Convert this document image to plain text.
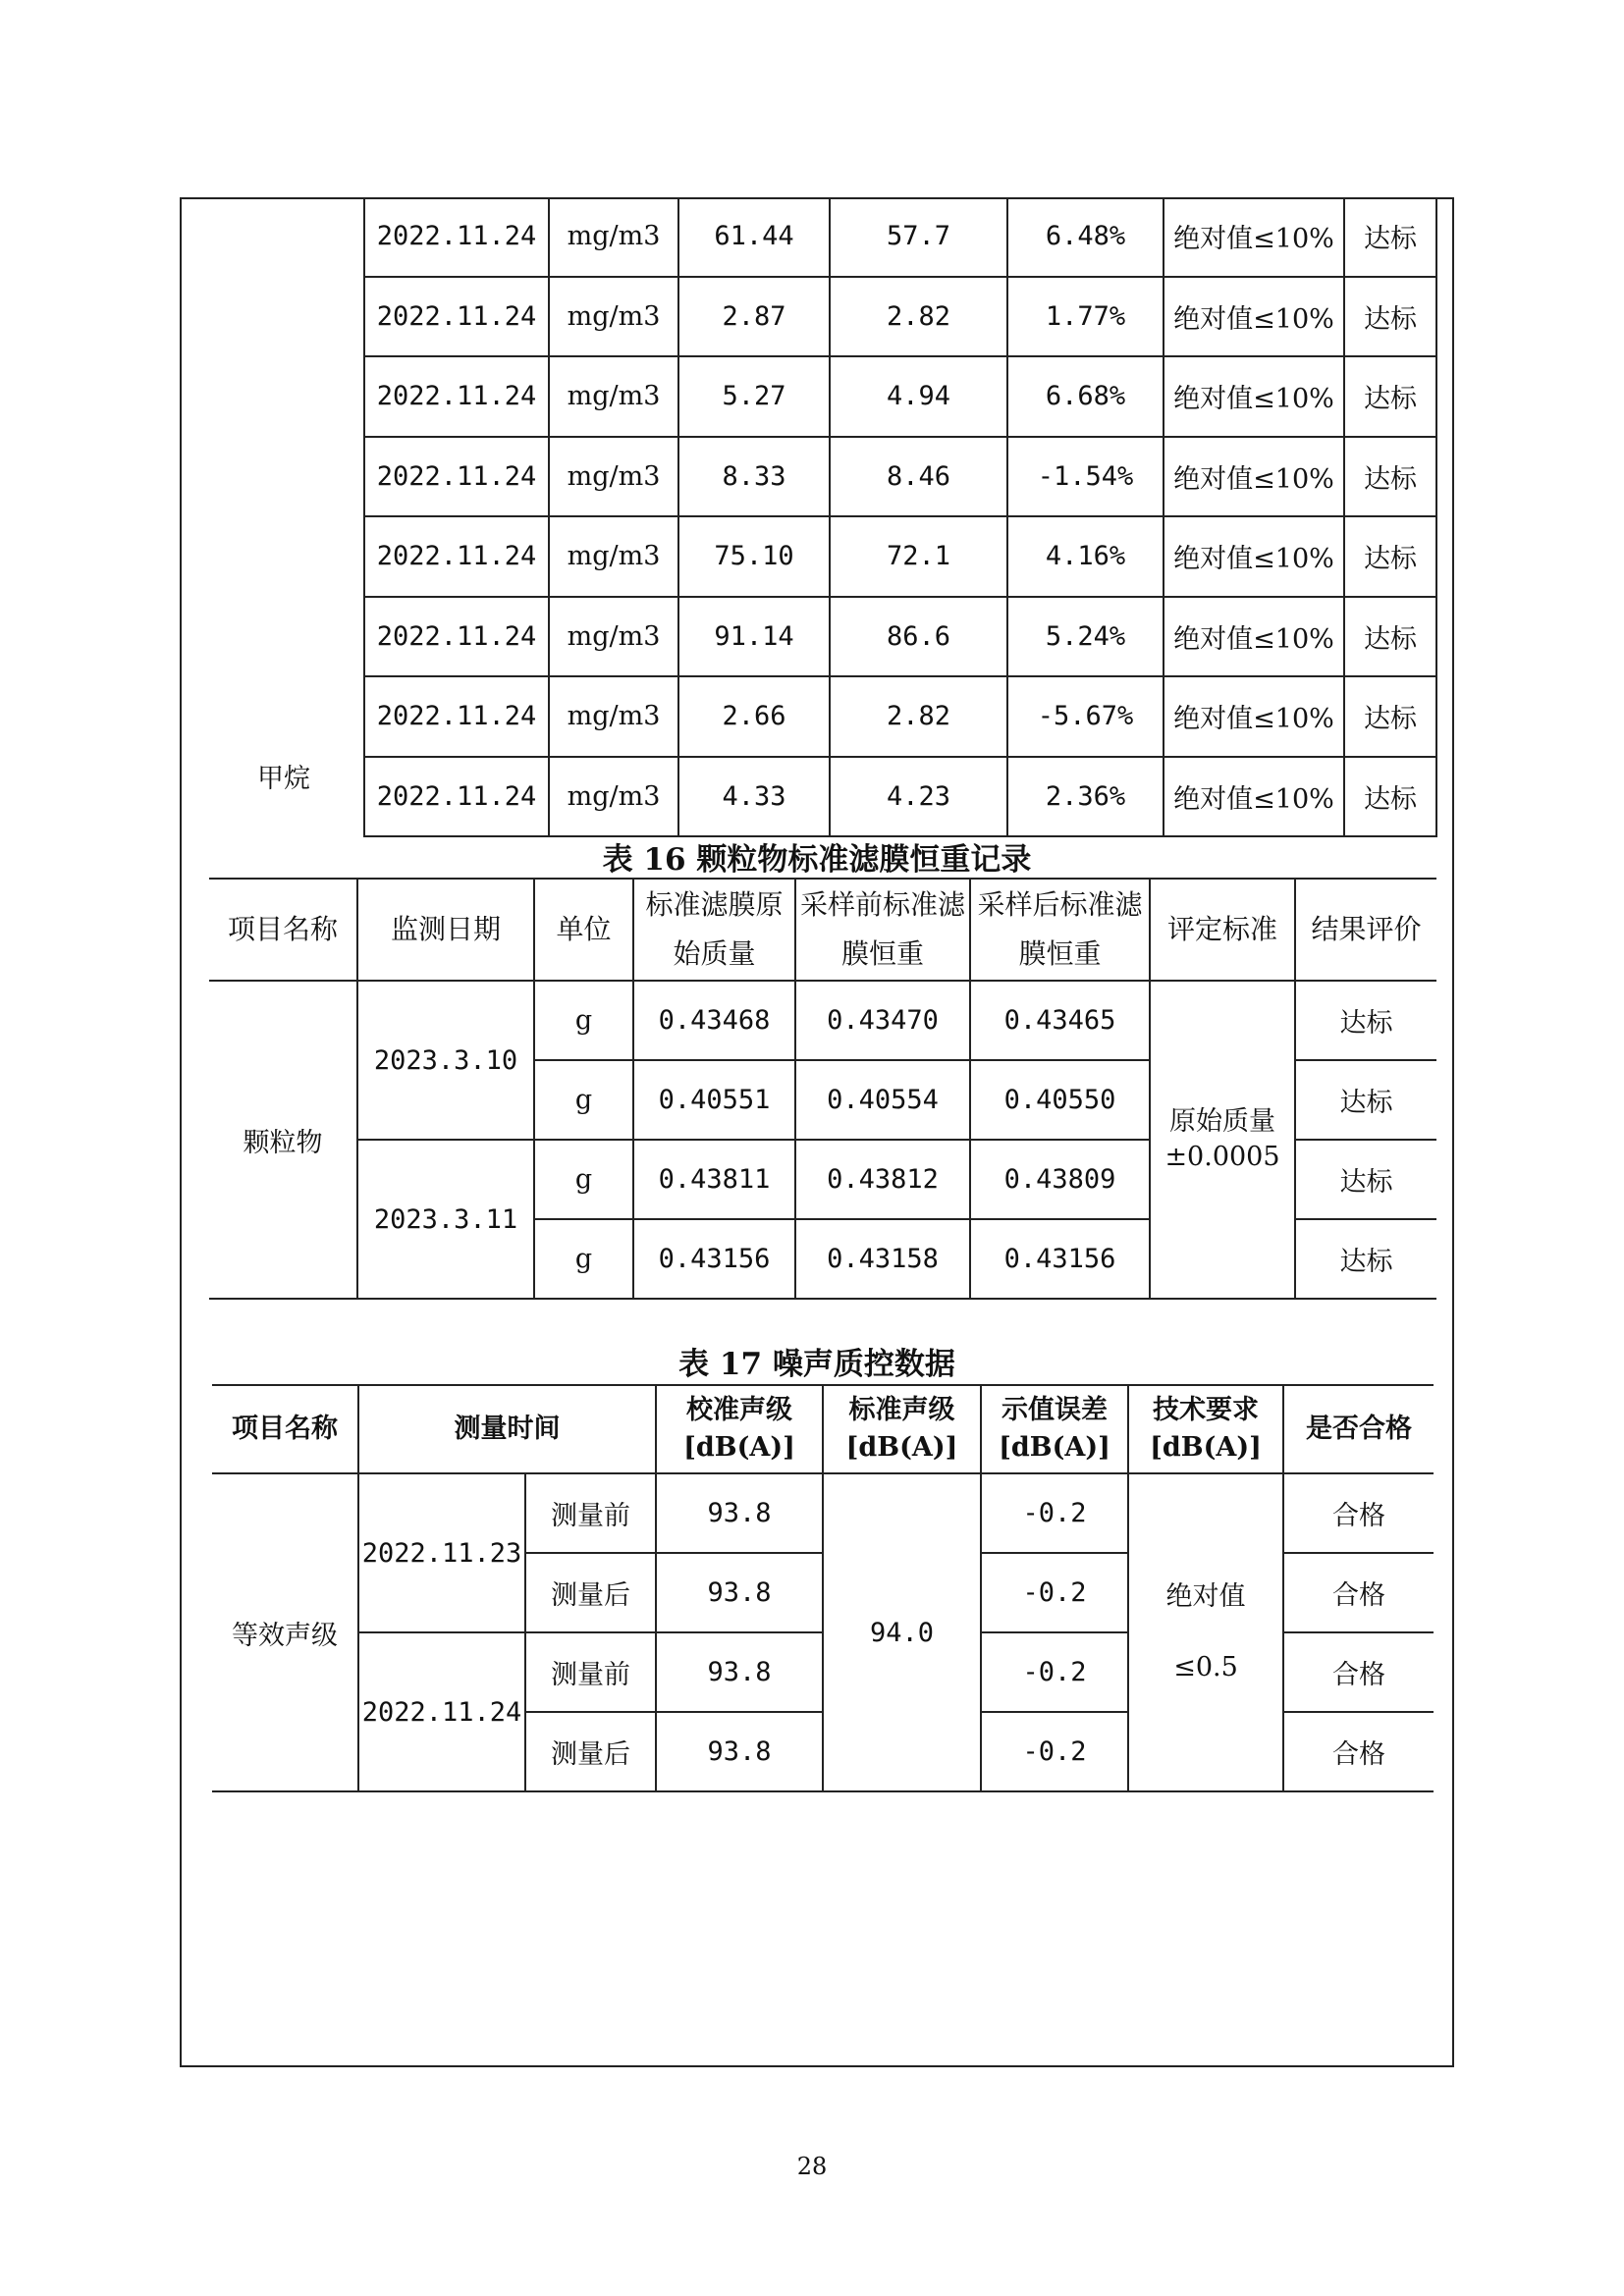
甲烷	2022.11.24	mg/m3	61.44	57.7	6.48%	绝对值≤10%	达标
	2022.11.24	mg/m3	2.87	2.82	1.77%	绝对值≤10%	达标
	2022.11.24	mg/m3	5.27	4.94	6.68%	绝对值≤10%	达标
	2022.11.24	mg/m3	8.33	8.46	-1.54%	绝对值≤10%	达标
	2022.11.24	mg/m3	75.10	72.1	4.16%	绝对值≤10%	达标
	2022.11.24	mg/m3	91.14	86.6	5.24%	绝对值≤10%	达标
	2022.11.24	mg/m3	2.66	2.82	-5.67%	绝对值≤10%	达标
	2022.11.24	mg/m3	4.33	4.23	2.36%	绝对值≤10%	达标
表 16 颗粒物标准滤膜恒重记录
项目名称	监测日期	单位	标准滤膜原始质量	采样前标准滤膜恒重	采样后标准滤膜恒重	评定标准	结果评价
颗粒物	2023.3.10	g	0.43468	0.43470	0.43465	原始质量±0.0005	达标
		g	0.40551	0.40554	0.40550		达标
	2023.3.11	g	0.43811	0.43812	0.43809		达标
		g	0.43156	0.43158	0.43156		达标
表 17 噪声质控数据
项目名称	测量时间		校准声级[dB(A)]	标准声级[dB(A)]	示值误差[dB(A)]	技术要求[dB(A)]	是否合格
等效声级	2022.11.23	测量前	93.8	94.0	-0.2	绝对值≤0.5	合格
		测量后	93.8		-0.2		合格
	2022.11.24	测量前	93.8		-0.2		合格
		测量后	93.8		-0.2		合格
28
